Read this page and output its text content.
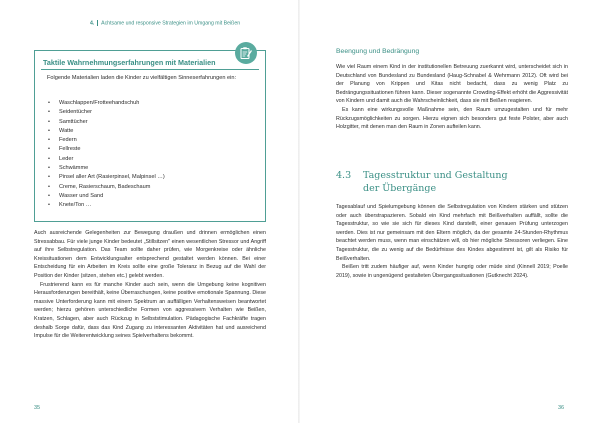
4. Achtsame und responsive Strategien im Umgang mit Beißen
Taktile Wahrnehmungserfahrungen mit Materialien
Folgende Materialien laden die Kinder zu vielfältigen Sinneserfahrungen ein:
• Waschlappen/Frotteehandschuh
• Seidentücher
• Samttücher
• Watte
• Federn
• Fellreste
• Leder
• Schwämme
• Pinsel aller Art (Rasierpinsel, Malpinsel …)
• Creme, Rasierschaum, Badeschaum
• Wasser und Sand
• Knete/Ton …

Auch ausreichende Gelegenheiten zur Bewegung draußen und drinnen ermöglichen einen Stressabbau. Für viele junge Kinder bedeutet „Stillsitzen" einen wesentlichen Stressor und Angriff auf ihre Selbstregulation. Das Team sollte daher prüfen, wie Morgenkreise oder ähnliche Kreissituationen dem Entwicklungsalter entsprechend gestaltet werden können. Bei einer Entscheidung für ein Arbeiten im Kreis sollte eine große Toleranz in Bezug auf die Wahl der Position der Kinder (sitzen, stehen etc.) gelebt werden.

Frustrierend kann es für manche Kinder auch sein, wenn die Umgebung keine kognitiven Herausforderungen bereithält, keine Überraschungen, keine positive emotionale Spannung. Diese massive Unterforderung kann mit einem Spektrum an auffälligen Verhaltensweisen beantwortet werden; hierzu gehören unterschiedliche Formen von aggressivem Verhalten wie Beißen, Kratzen, Schlagen, aber auch Rückzug in Selbststimulation. Pädagogische Fachkräfte tragen deshalb Sorge dafür, dass das Kind Zugang zu interessanten Aktivitäten hat und ausreichend Impulse für die Weiterentwicklung seines Spielverhaltens bekommt.

35	36
Beengung und Bedrängung

Wie viel Raum einem Kind in der institutionellen Betreuung zuerkannt wird, unterscheidet sich in Deutschland von Bundesland zu Bundesland (Haug-Schnabel & Wehrmann 2012). Oft wird bei der Planung von Krippen und Kitas nicht bedacht, dass zu wenig Platz zu Bedrängungssituationen führen kann. Dieser sogenannte Crowding-Effekt erhöht die Aggressivität von Kindern und damit auch die Wahrscheinlichkeit, dass sie mit Beißen reagieren.

Es kann eine wirkungsvolle Maßnahme sein, den Raum umzugestalten und für mehr Rückzugsmöglichkeiten zu sorgen. Hierzu eignen sich besonders gut feste Polster, aber auch Holzgitter, mit denen man den Raum in Zonen aufteilen kann.

4.3 Tagesstruktur und Gestaltung
der Übergänge

Tagesablauf und Spielumgebung können die Selbstregulation von Kindern stärken und stützen oder auch überstrapazieren. Sobald ein Kind mehrfach mit Beißverhalten auffällt, sollte die Tagesstruktur, so wie sie sich für dieses Kind darstellt, einer genauen Prüfung unterzogen werden. Dies ist nur gemeinsam mit den Eltern möglich, da der gesamte 24-Stunden-Rhythmus beachtet werden muss, wenn man einschätzen will, ob hier mögliche Stressoren verliegen. Eine Tagesstruktur, die zu wenig auf die Bedürfnisse des Kindes abgestimmt ist, gilt als Risiko für Beißverhalten.

Beißen tritt zudem häufiger auf, wenn Kinder hungrig oder müde sind (Kinnell 2019; Poelle 2019), sowie in ungenügend gestalteten Übergangssituationen (Gutknecht 2024).
